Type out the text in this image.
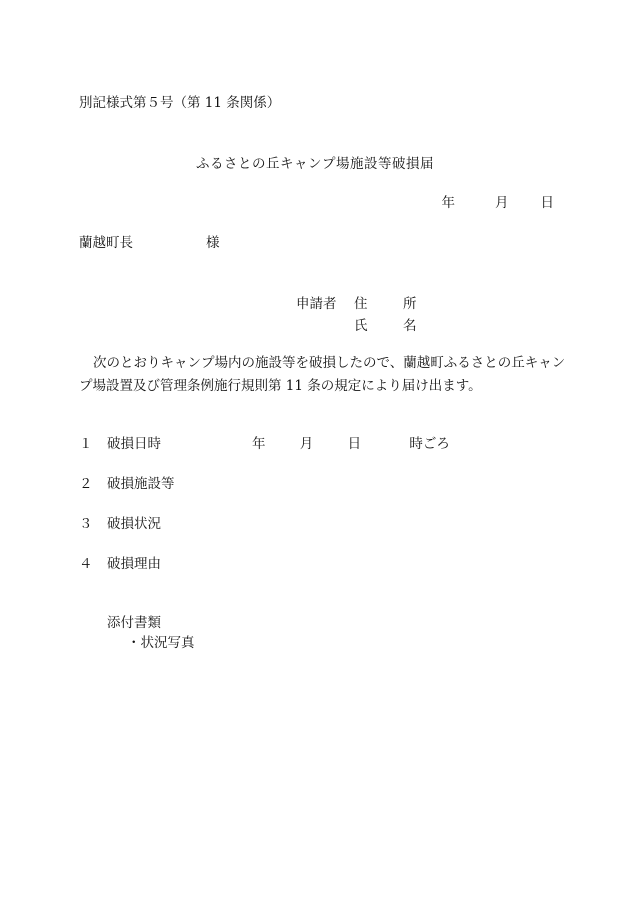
別記様式第５号（第 11 条関係）
ふるさとの丘キャンプ場施設等破損届
年	月 日
蘭越町長	様
申請者 住　所
氏　名
次のとおりキャンプ場内の施設等を破損したので、蘭越町ふるさとの丘キャンプ場設置及び管理条例施行規則第 11 条の規定により届け出ます。
１ 破損日時	年	月	日	時ごろ
２ 破損施設等
３ 破損状況
４ 破損理由
添付書類
・状況写真
